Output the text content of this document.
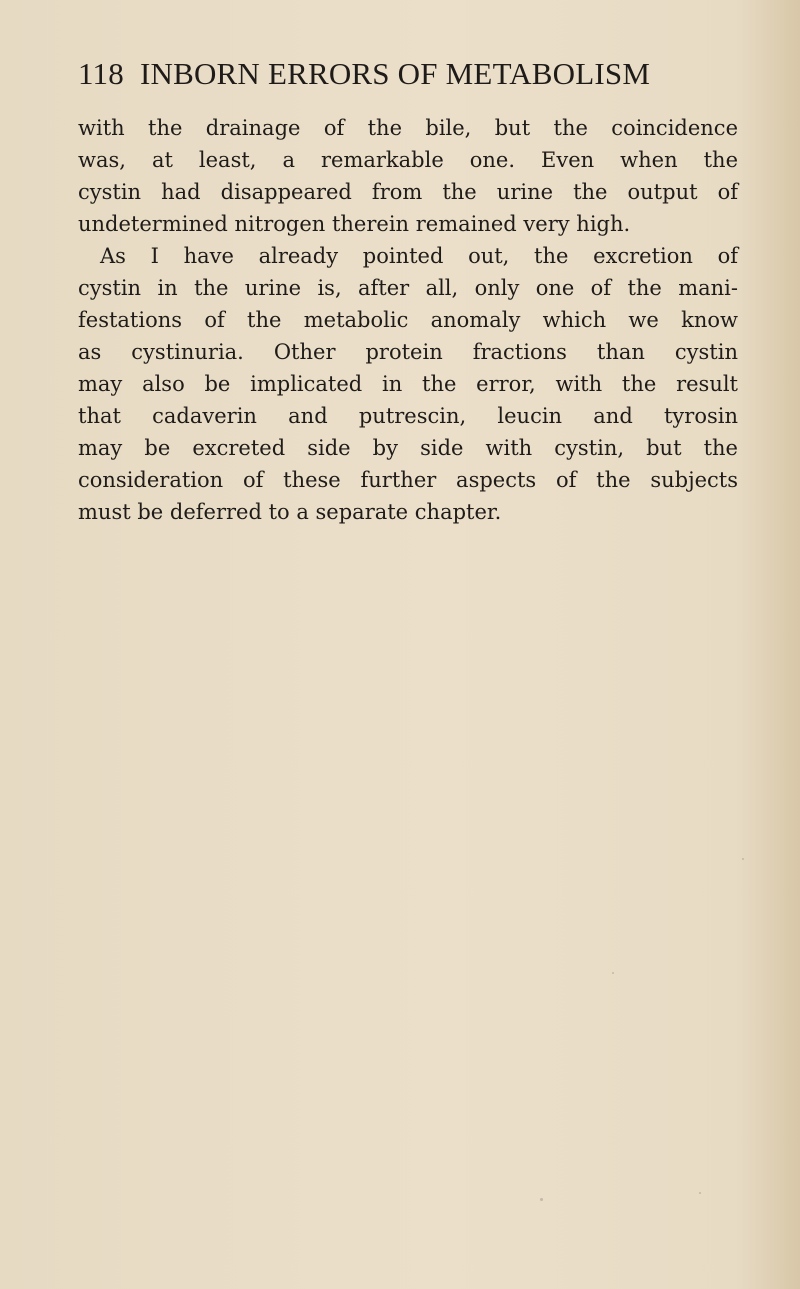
118 INBORN ERRORS OF METABOLISM
with the drainage of the bile, but the coincidence
was, at least, a remarkable one. Even when the
cystin had disappeared from the urine the output of
undetermined nitrogen therein remained very high.
As I have already pointed out, the excretion of
cystin in the urine is, after all, only one of the mani-
festations of the metabolic anomaly which we know
as cystinuria. Other protein fractions than cystin
may also be implicated in the error, with the result
that cadaverin and putrescin, leucin and tyrosin
may be excreted side by side with cystin, but the
consideration of these further aspects of the subjects
must be deferred to a separate chapter.
